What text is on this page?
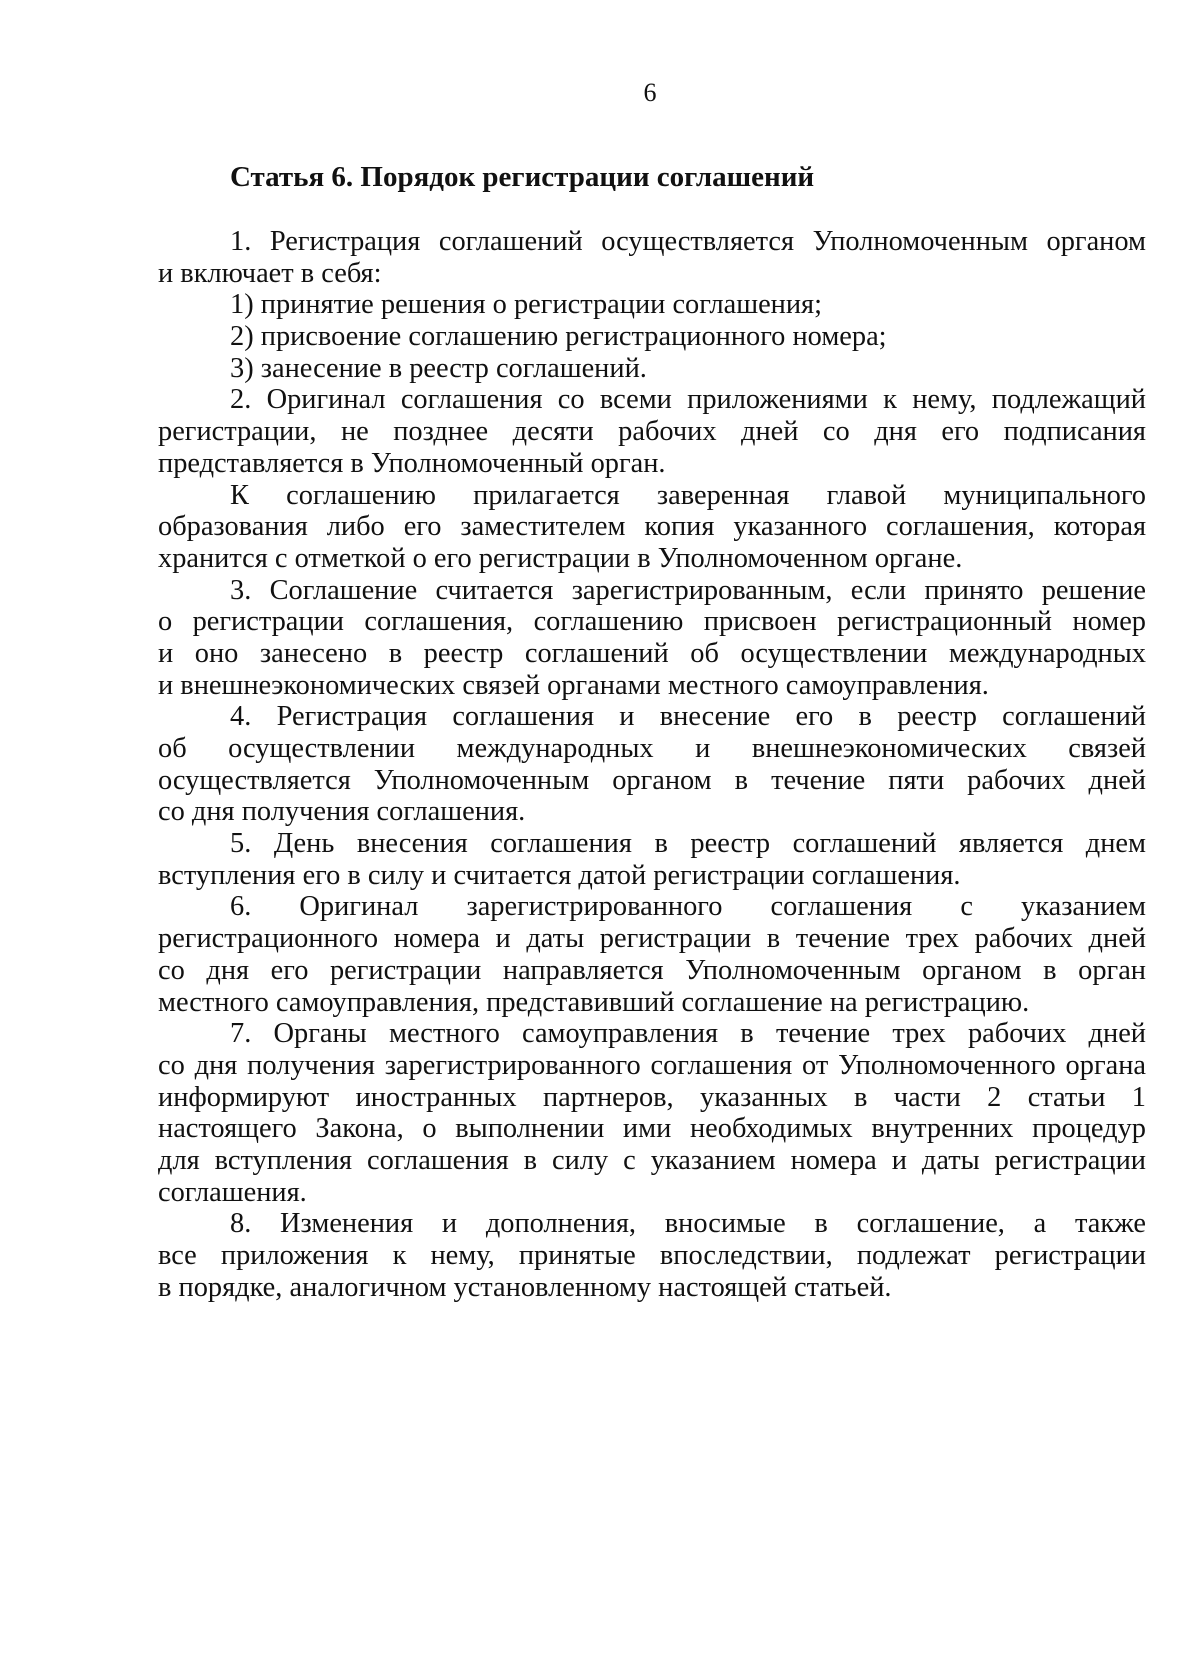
6
Статья 6. Порядок регистрации соглашений
1. Регистрация соглашений осуществляется Уполномоченным органом
и включает в себя:
1) принятие решения о регистрации соглашения;
2) присвоение соглашению регистрационного номера;
3) занесение в реестр соглашений.
2. Оригинал соглашения со всеми приложениями к нему, подлежащий
регистрации, не позднее десяти рабочих дней со дня его подписания
представляется в Уполномоченный орган.
К соглашению прилагается заверенная главой муниципального
образования либо его заместителем копия указанного соглашения, которая
хранится с отметкой о его регистрации в Уполномоченном органе.
3. Соглашение считается зарегистрированным, если принято решение
о регистрации соглашения, соглашению присвоен регистрационный номер
и оно занесено в реестр соглашений об осуществлении международных
и внешнеэкономических связей органами местного самоуправления.
4. Регистрация соглашения и внесение его в реестр соглашений
об осуществлении международных и внешнеэкономических связей
осуществляется Уполномоченным органом в течение пяти рабочих дней
со дня получения соглашения.
5. День внесения соглашения в реестр соглашений является днем
вступления его в силу и считается датой регистрации соглашения.
6. Оригинал зарегистрированного соглашения с указанием
регистрационного номера и даты регистрации в течение трех рабочих дней
со дня его регистрации направляется Уполномоченным органом в орган
местного самоуправления, представивший соглашение на регистрацию.
7. Органы местного самоуправления в течение трех рабочих дней
со дня получения зарегистрированного соглашения от Уполномоченного органа
информируют иностранных партнеров, указанных в части 2 статьи 1
настоящего Закона, о выполнении ими необходимых внутренних процедур
для вступления соглашения в силу с указанием номера и даты регистрации
соглашения.
8. Изменения и дополнения, вносимые в соглашение, а также
все приложения к нему, принятые впоследствии, подлежат регистрации
в порядке, аналогичном установленному настоящей статьей.
